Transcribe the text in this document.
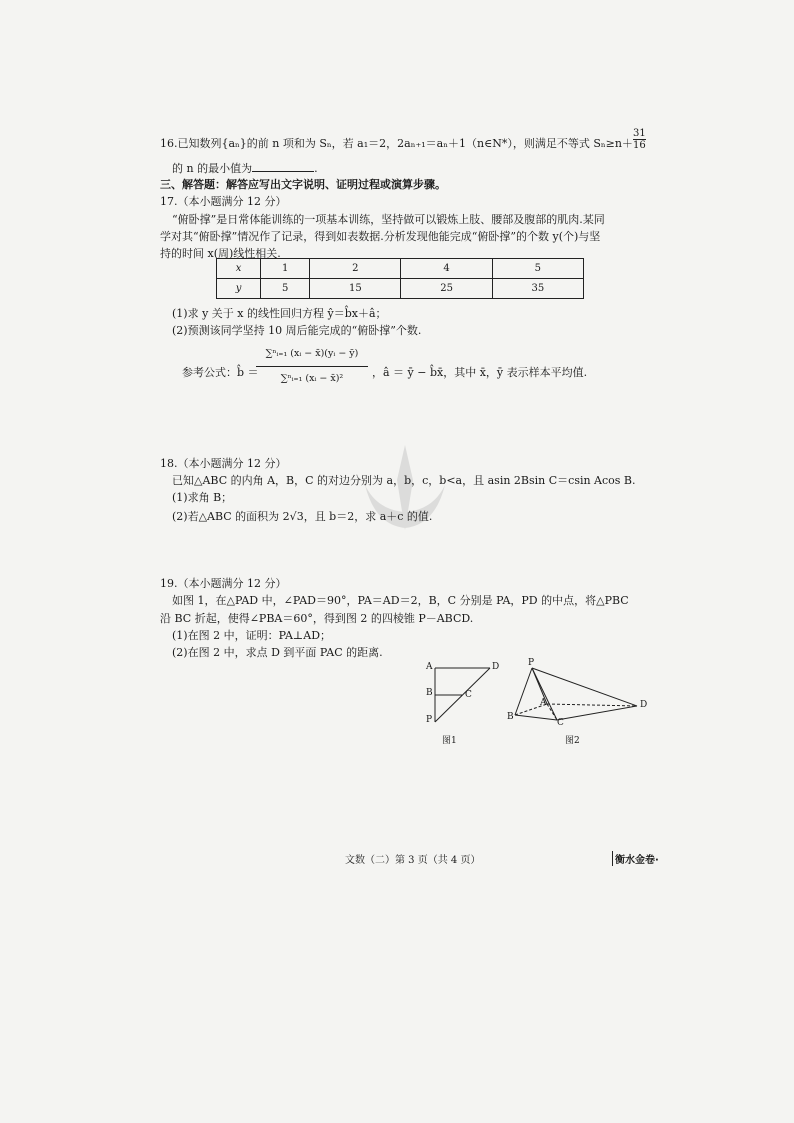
16.已知数列{aₙ}的前 n 项和为 Sₙ，若 a₁＝2，2aₙ₊₁＝aₙ＋1（n∈N*），则满足不等式 $S_n\ge n+ \frac{31}{16}$
的 n 的最小值为	.
三、解答题：解答应写出文字说明、证明过程或演算步骤。
17.（本小题满分 12 分）
“俯卧撑”是日常体能训练的一项基本训练，坚持做可以锻炼上肢、腰部及腹部的肌肉.某同
学对其“俯卧撑”情况作了记录，得到如表数据.分析发现他能完成“俯卧撑”的个数 y(个)与坚
持的时间 x(周)线性相关.
x	1	2	4	5
y	5	15	25	35
(1)求 y 关于 x 的线性回归方程 ŷ＝b̂x＋â；
(2)预测该同学坚持 10 周后能完成的“俯卧撑”个数.
参考公式：b̂ ＝
$\frac{\text{∑ⁿᵢ₌₁ (xᵢ − x̄)(yᵢ − ȳ)}}{\text{∑ⁿᵢ₌₁ (xᵢ − x̄)²}}$ ，â ＝ ȳ − b̂x̄，其中 x̄，ȳ 表示样本平均值.
18.（本小题满分 12 分）
已知△ABC 的内角 A，B，C 的对边分别为 a，b，c，b<a，且 asin 2Bsin C＝csin Acos B.
(1)求角 B；
(2)若△ABC 的面积为 2√3，且 b＝2，求 a＋c 的值.
19.（本小题满分 12 分）
如图 1，在△PAD 中，∠PAD＝90°，PA＝AD＝2，B，C 分别是 PA，PD 的中点，将△PBC
沿 BC 折起，使得∠PBA＝60°，得到图 2 的四棱锥 P－ABCD.
(1)在图 2 中，证明：PA⊥AD；
(2)在图 2 中，求点 D 到平面 PAC 的距离.
A	D
B	C
P
图1
P
A
B
C
D
图2
文数（二）第 3 页（共 4 页）	衡水金卷·
